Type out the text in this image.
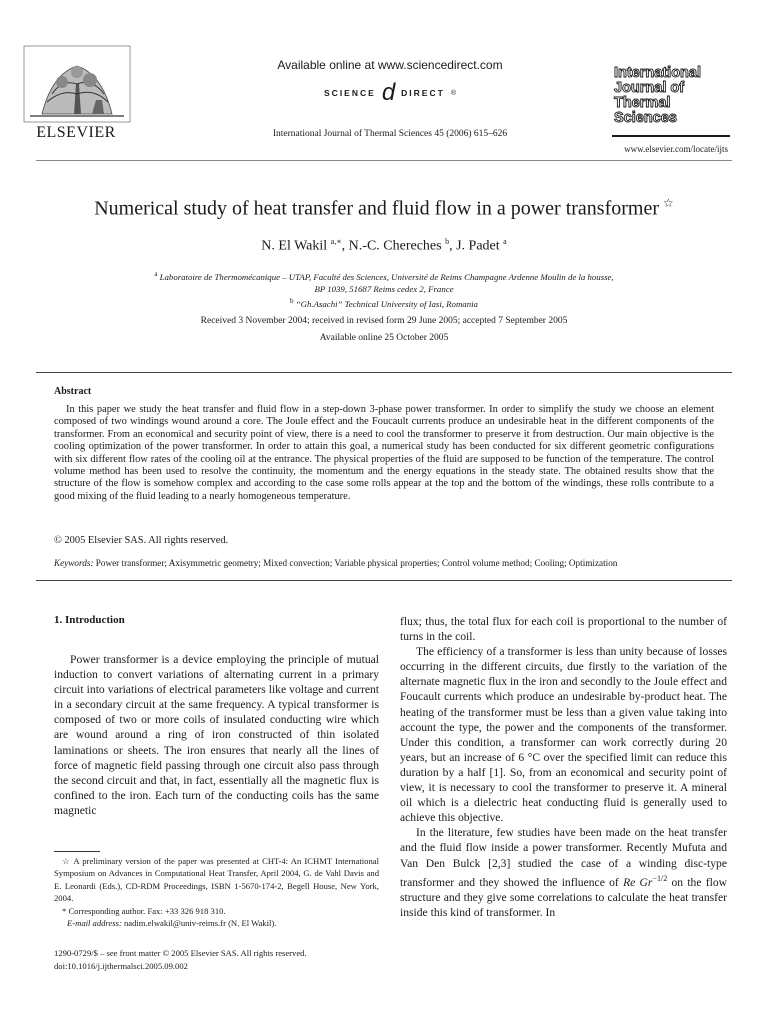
ELSEVIER
Available online at www.sciencedirect.com
SCIENCE d DIRECT ®
International Journal of Thermal Sciences 45 (2006) 615–626
International
Journal of
Thermal
Sciences
www.elsevier.com/locate/ijts
Numerical study of heat transfer and fluid flow in a power transformer ☆
N. El Wakil $^{a,∗}$, N.-C. Chereches $^b$, J. Padet $^a$
$^a$ Laboratoire de Thermomécanique – UTAP, Faculté des Sciences, Université de Reims Champagne Ardenne Moulin de la housse,
BP 1039, 51687 Reims cedex 2, France
$^b$ “Gh.Asachi” Technical University of Iasi, Romania
Received 3 November 2004; received in revised form 29 June 2005; accepted 7 September 2005
Available online 25 October 2005
Abstract

In this paper we study the heat transfer and fluid flow in a step-down 3-phase power transformer. In order to simplify the study we choose an element composed of two windings wound around a core. The Joule effect and the Foucault currents produce an undesirable heat in the different components of the transformer. From an economical and security point of view, there is a need to cool the transformer to preserve it from destruction. Our main objective is the cooling optimization of the power transformer. In order to attain this goal, a numerical study has been conducted for six different geometric configurations with six different flow rates of the cooling oil at the entrance. The physical properties of the fluid are supposed to be function of the temperature. The control volume method has been used to resolve the continuity, the momentum and the energy equations in the steady state. The obtained results show that the structure of the flow is somehow complex and according to the case some rolls appear at the top and the bottom of the windings, these rolls contribute to a good mixing of the fluid leading to a nearly homogeneous temperature.

© 2005 Elsevier SAS. All rights reserved.
Keywords: Power transformer; Axisymmetric geometry; Mixed convection; Variable physical properties; Control volume method; Cooling; Optimization
1. Introduction

Power transformer is a device employing the principle of mutual induction to convert variations of alternating current in a primary circuit into variations of electrical parameters like voltage and current in a secondary circuit at the same frequency. A typical transformer is composed of two or more coils of insulated conducting wire which are wound around a ring of iron constructed of thin isolated laminations or sheets. The iron ensures that nearly all the lines of force of magnetic field passing through one circuit also pass through the second circuit and that, in fact, essentially all the magnetic flux is confined to the iron. Each turn of the conducting coils has the same magnetic

☆ A preliminary version of the paper was presented at CHT-4: An ICHMT International Symposium on Advances in Computational Heat Transfer, April 2004, G. de Vahl Davis and E. Leonardi (Eds.), CD-RDM Proceedings, ISBN 1-5670-174-2, Begell House, New York, 2004.

* Corresponding author. Fax: +33 326 918 310.

E-mail address: nadim.elwakil@univ-reims.fr (N. El Wakil).

1290-0729/$ – see front matter © 2005 Elsevier SAS. All rights reserved.
doi:10.1016/j.ijthermalsci.2005.09.002

flux; thus, the total flux for each coil is proportional to the number of turns in the coil.

The efficiency of a transformer is less than unity because of losses occurring in the different circuits, due firstly to the variation of the alternate magnetic flux in the iron and secondly to the Joule effect and Foucault currents which produce an undesirable by-product heat. The heating of the transformer must be less than a given value taking into account the type, the power and the components of the transformer. Under this condition, a transformer can work correctly during 20 years, but an increase of 6 °C over the specified limit can reduce this duration by a half [1]. So, from an economical and security point of view, it is necessary to cool the transformer to preserve it. A mineral oil which is a dielectric heat conducting fluid is generally used to achieve this objective.

In the literature, few studies have been made on the heat transfer and the fluid flow inside a power transformer. Recently Mufuta and Van Den Bulck [2,3] studied the case of a winding disc-type transformer and they showed the influence of Re $Gr^{-1/2}$ on the flow structure and they give some correlations to calculate the heat transfer inside this kind of transformer. In
